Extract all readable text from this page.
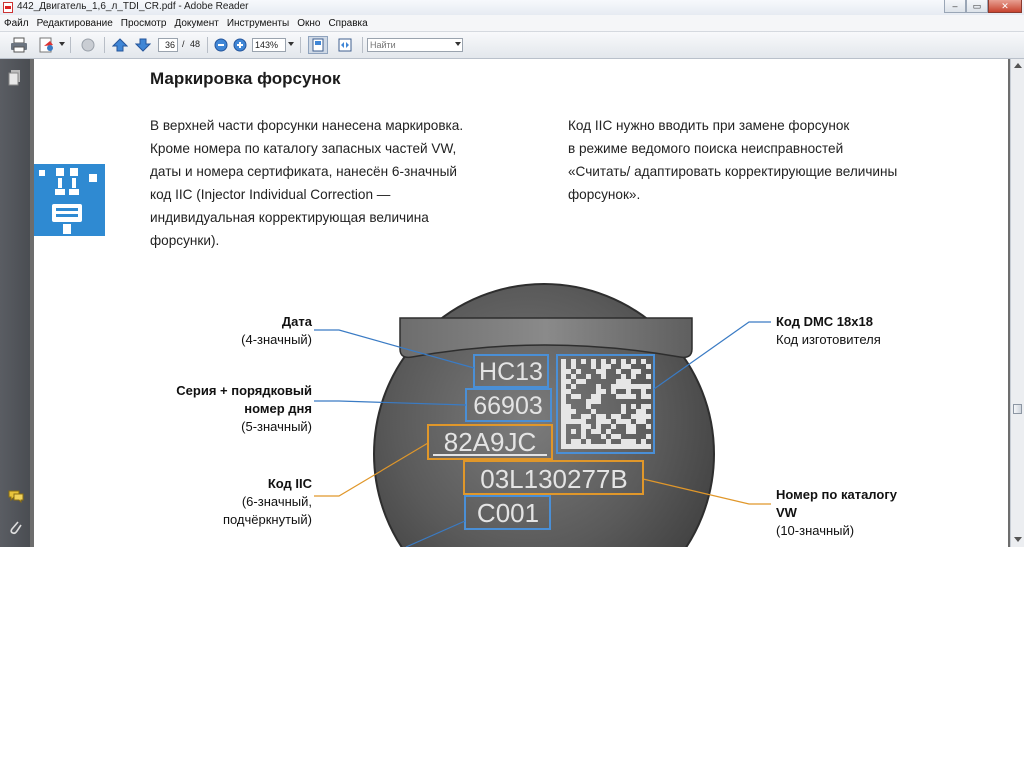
442_Двигатель_1,6_л_TDI_CR.pdf - Adobe Reader	‒	▭	✕
Файл Редактирование Просмотр Документ Инструменты Окно Справка
36
/ 48
143%
Найти
Маркировка форсунок

В верхней части форсунки нанесена маркировка.

Кроме номера по каталогу запасных частей VW,

даты и номера сертификата, нанесён 6-значный

код IIC (Injector Individual Correction —

индивидуальная корректирующая величина

форсунки).

Код IIC нужно вводить при замене форсунок

в режиме ведомого поиска неисправностей

«Считать/ адаптировать корректирующие величины

форсунок».

HC13
66903
82A9JC
03L130277B
C001
Дата
(4-значный)
Серия + порядковый
номер дня
(5-значный)
Код IIC
(6-значный,
подчёркнутый)
Код DMC 18x18
Код изготовителя
Номер по каталогу
VW
(10-значный)
